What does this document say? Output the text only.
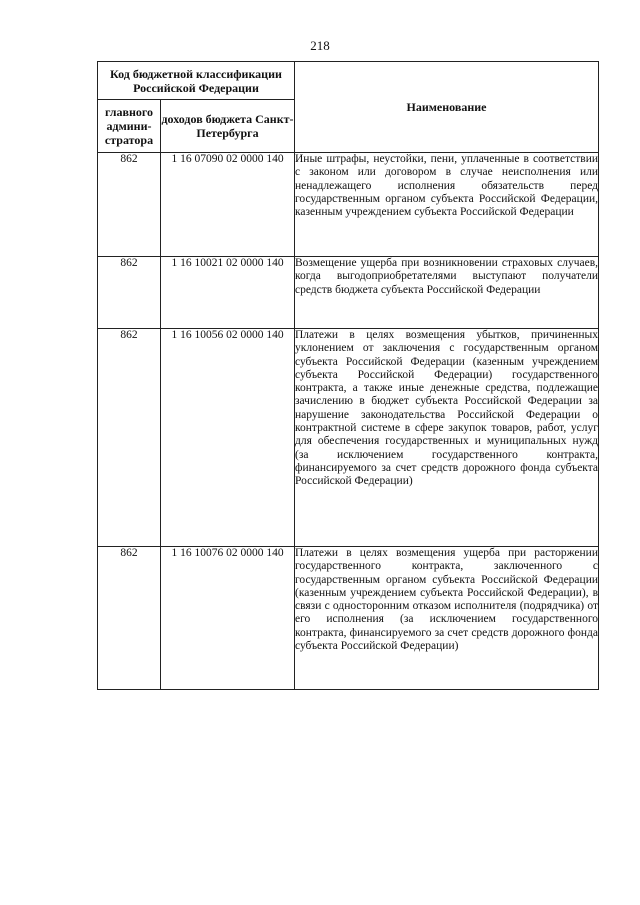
218
Код бюджетной классификации Российской Федерации		Наименование
главного админи-стратора	доходов бюджета Санкт-Петербурга	
862	1 16 07090 02 0000 140	Иные штрафы, неустойки, пени, уплаченные в соответствии с законом или договором в случае неисполнения или ненадлежащего исполнения обязательств перед государственным органом субъекта Российской Федерации, казенным учреждением субъекта Российской Федерации
862	1 16 10021 02 0000 140	Возмещение ущерба при возникновении страховых случаев, когда выгодоприобретателями выступают получатели средств бюджета субъекта Российской Федерации
862	1 16 10056 02 0000 140	Платежи в целях возмещения убытков, причиненных уклонением от заключения с государственным органом субъекта Российской Федерации (казенным учреждением субъекта Российской Федерации) государственного контракта, а также иные денежные средства, подлежащие зачислению в бюджет субъекта Российской Федерации за нарушение законодательства Российской Федерации о контрактной системе в сфере закупок товаров, работ, услуг для обеспечения государственных и муниципальных нужд (за исключением государственного контракта, финансируемого за счет средств дорожного фонда субъекта Российской Федерации)
862	1 16 10076 02 0000 140	Платежи в целях возмещения ущерба при расторжении государственного контракта, заключенного с государственным органом субъекта Российской Федерации (казенным учреждением субъекта Российской Федерации), в связи с односторонним отказом исполнителя (подрядчика) от его исполнения (за исключением государственного контракта, финансируемого за счет средств дорожного фонда субъекта Российской Федерации)
